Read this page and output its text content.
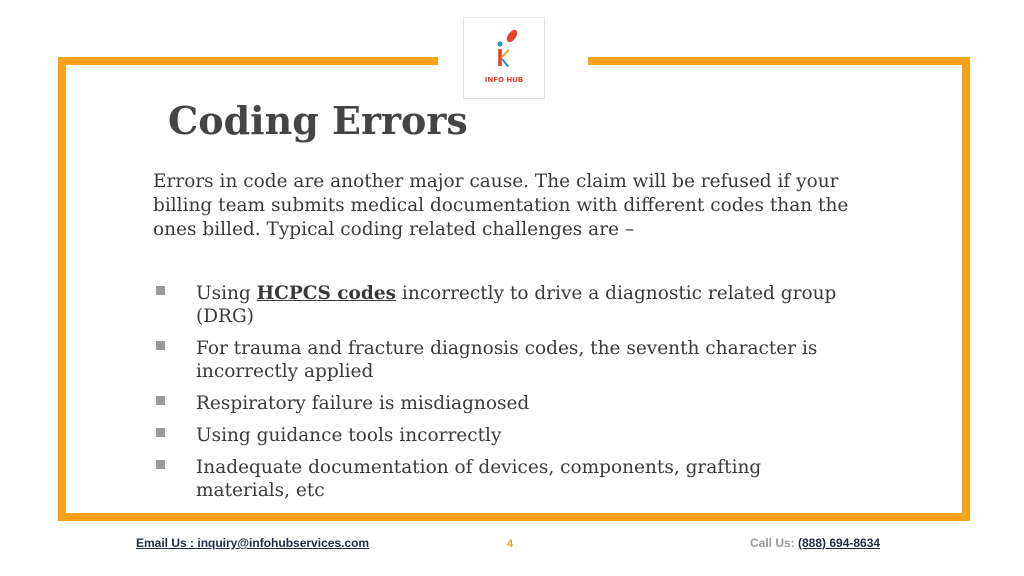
INFO HUB
Coding Errors
Errors in code are another major cause. The claim will be refused if your billing team submits medical documentation with different codes than the ones billed. Typical coding related challenges are –
Using HCPCS codes incorrectly to drive a diagnostic related group (DRG)
For trauma and fracture diagnosis codes, the seventh character is incorrectly applied
Respiratory failure is misdiagnosed
Using guidance tools incorrectly
Inadequate documentation of devices, components, grafting materials, etc
Email Us : inquiry@infohubservices.com	4	Call Us: (888) 694-8634
